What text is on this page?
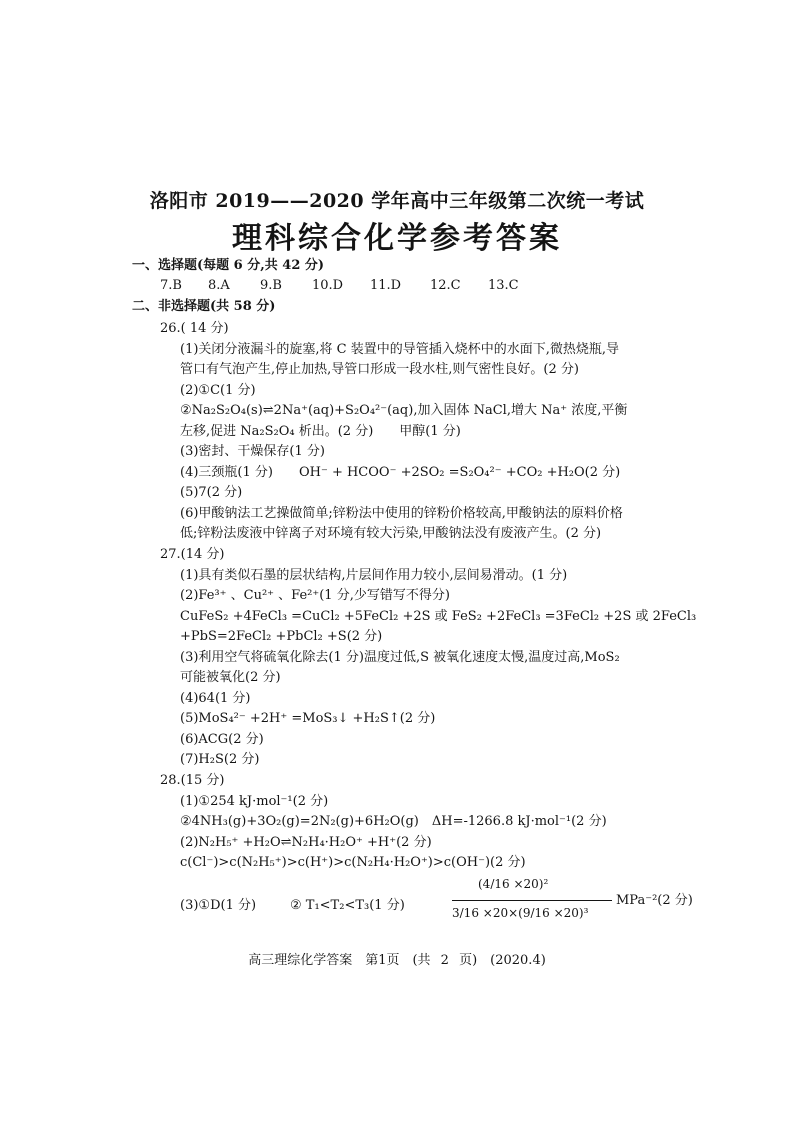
洛阳市 2019——2020 学年高中三年级第二次统一考试
理科综合化学参考答案
一、选择题(每题 6 分,共 42 分)
7.B 8.A 9.B 10.D 11.D 12.C 13.C
二、非选择题(共 58 分)
26.( 14 分)
(1)关闭分液漏斗的旋塞,将 C 装置中的导管插入烧杯中的水面下,微热烧瓶,导
管口有气泡产生,停止加热,导管口形成一段水柱,则气密性良好。(2 分)
(2)①C(1 分)
②Na₂S₂O₄(s)⇌2Na⁺(aq)+S₂O₄²⁻(aq),加入固体 NaCl,增大 Na⁺ 浓度,平衡
左移,促进 Na₂S₂O₄ 析出。(2 分)　　甲醇(1 分)
(3)密封、干燥保存(1 分)
(4)三颈瓶(1 分)　　OH⁻ + HCOO⁻ +2SO₂ =S₂O₄²⁻ +CO₂ +H₂O(2 分)
(5)7(2 分)
(6)甲酸钠法工艺操做简单;锌粉法中使用的锌粉价格较高,甲酸钠法的原料价格
低;锌粉法废液中锌离子对环境有较大污染,甲酸钠法没有废液产生。(2 分)
27.(14 分)
(1)具有类似石墨的层状结构,片层间作用力较小,层间易滑动。(1 分)
(2)Fe³⁺ 、Cu²⁺ 、Fe²⁺(1 分,少写错写不得分)
CuFeS₂ +4FeCl₃ =CuCl₂ +5FeCl₂ +2S 或 FeS₂ +2FeCl₃ =3FeCl₂ +2S 或 2FeCl₃
+PbS=2FeCl₂ +PbCl₂ +S(2 分)
(3)利用空气将硫氧化除去(1 分)温度过低,S 被氧化速度太慢,温度过高,MoS₂
可能被氧化(2 分)
(4)64(1 分)
(5)MoS₄²⁻ +2H⁺ =MoS₃↓ +H₂S↑(2 分)
(6)ACG(2 分)
(7)H₂S(2 分)
28.(15 分)
(1)①254 kJ·mol⁻¹(2 分)
②4NH₃(g)+3O₂(g)=2N₂(g)+6H₂O(g)　ΔH=-1266.8 kJ·mol⁻¹(2 分)
(2)N₂H₅⁺ +H₂O⇌N₂H₄·H₂O⁺ +H⁺(2 分)
c(Cl⁻)>c(N₂H₅⁺)>c(H⁺)>c(N₂H₄·H₂O⁺)>c(OH⁻)(2 分)
(3)①D(1 分)	② T₁<T₂<T₃(1 分)
(4/16 ×20)²
3/16 ×20×(9/16 ×20)³
MPa⁻²(2 分)
高三理综化学答案　第1页　(共 2 页)　(2020.4)
